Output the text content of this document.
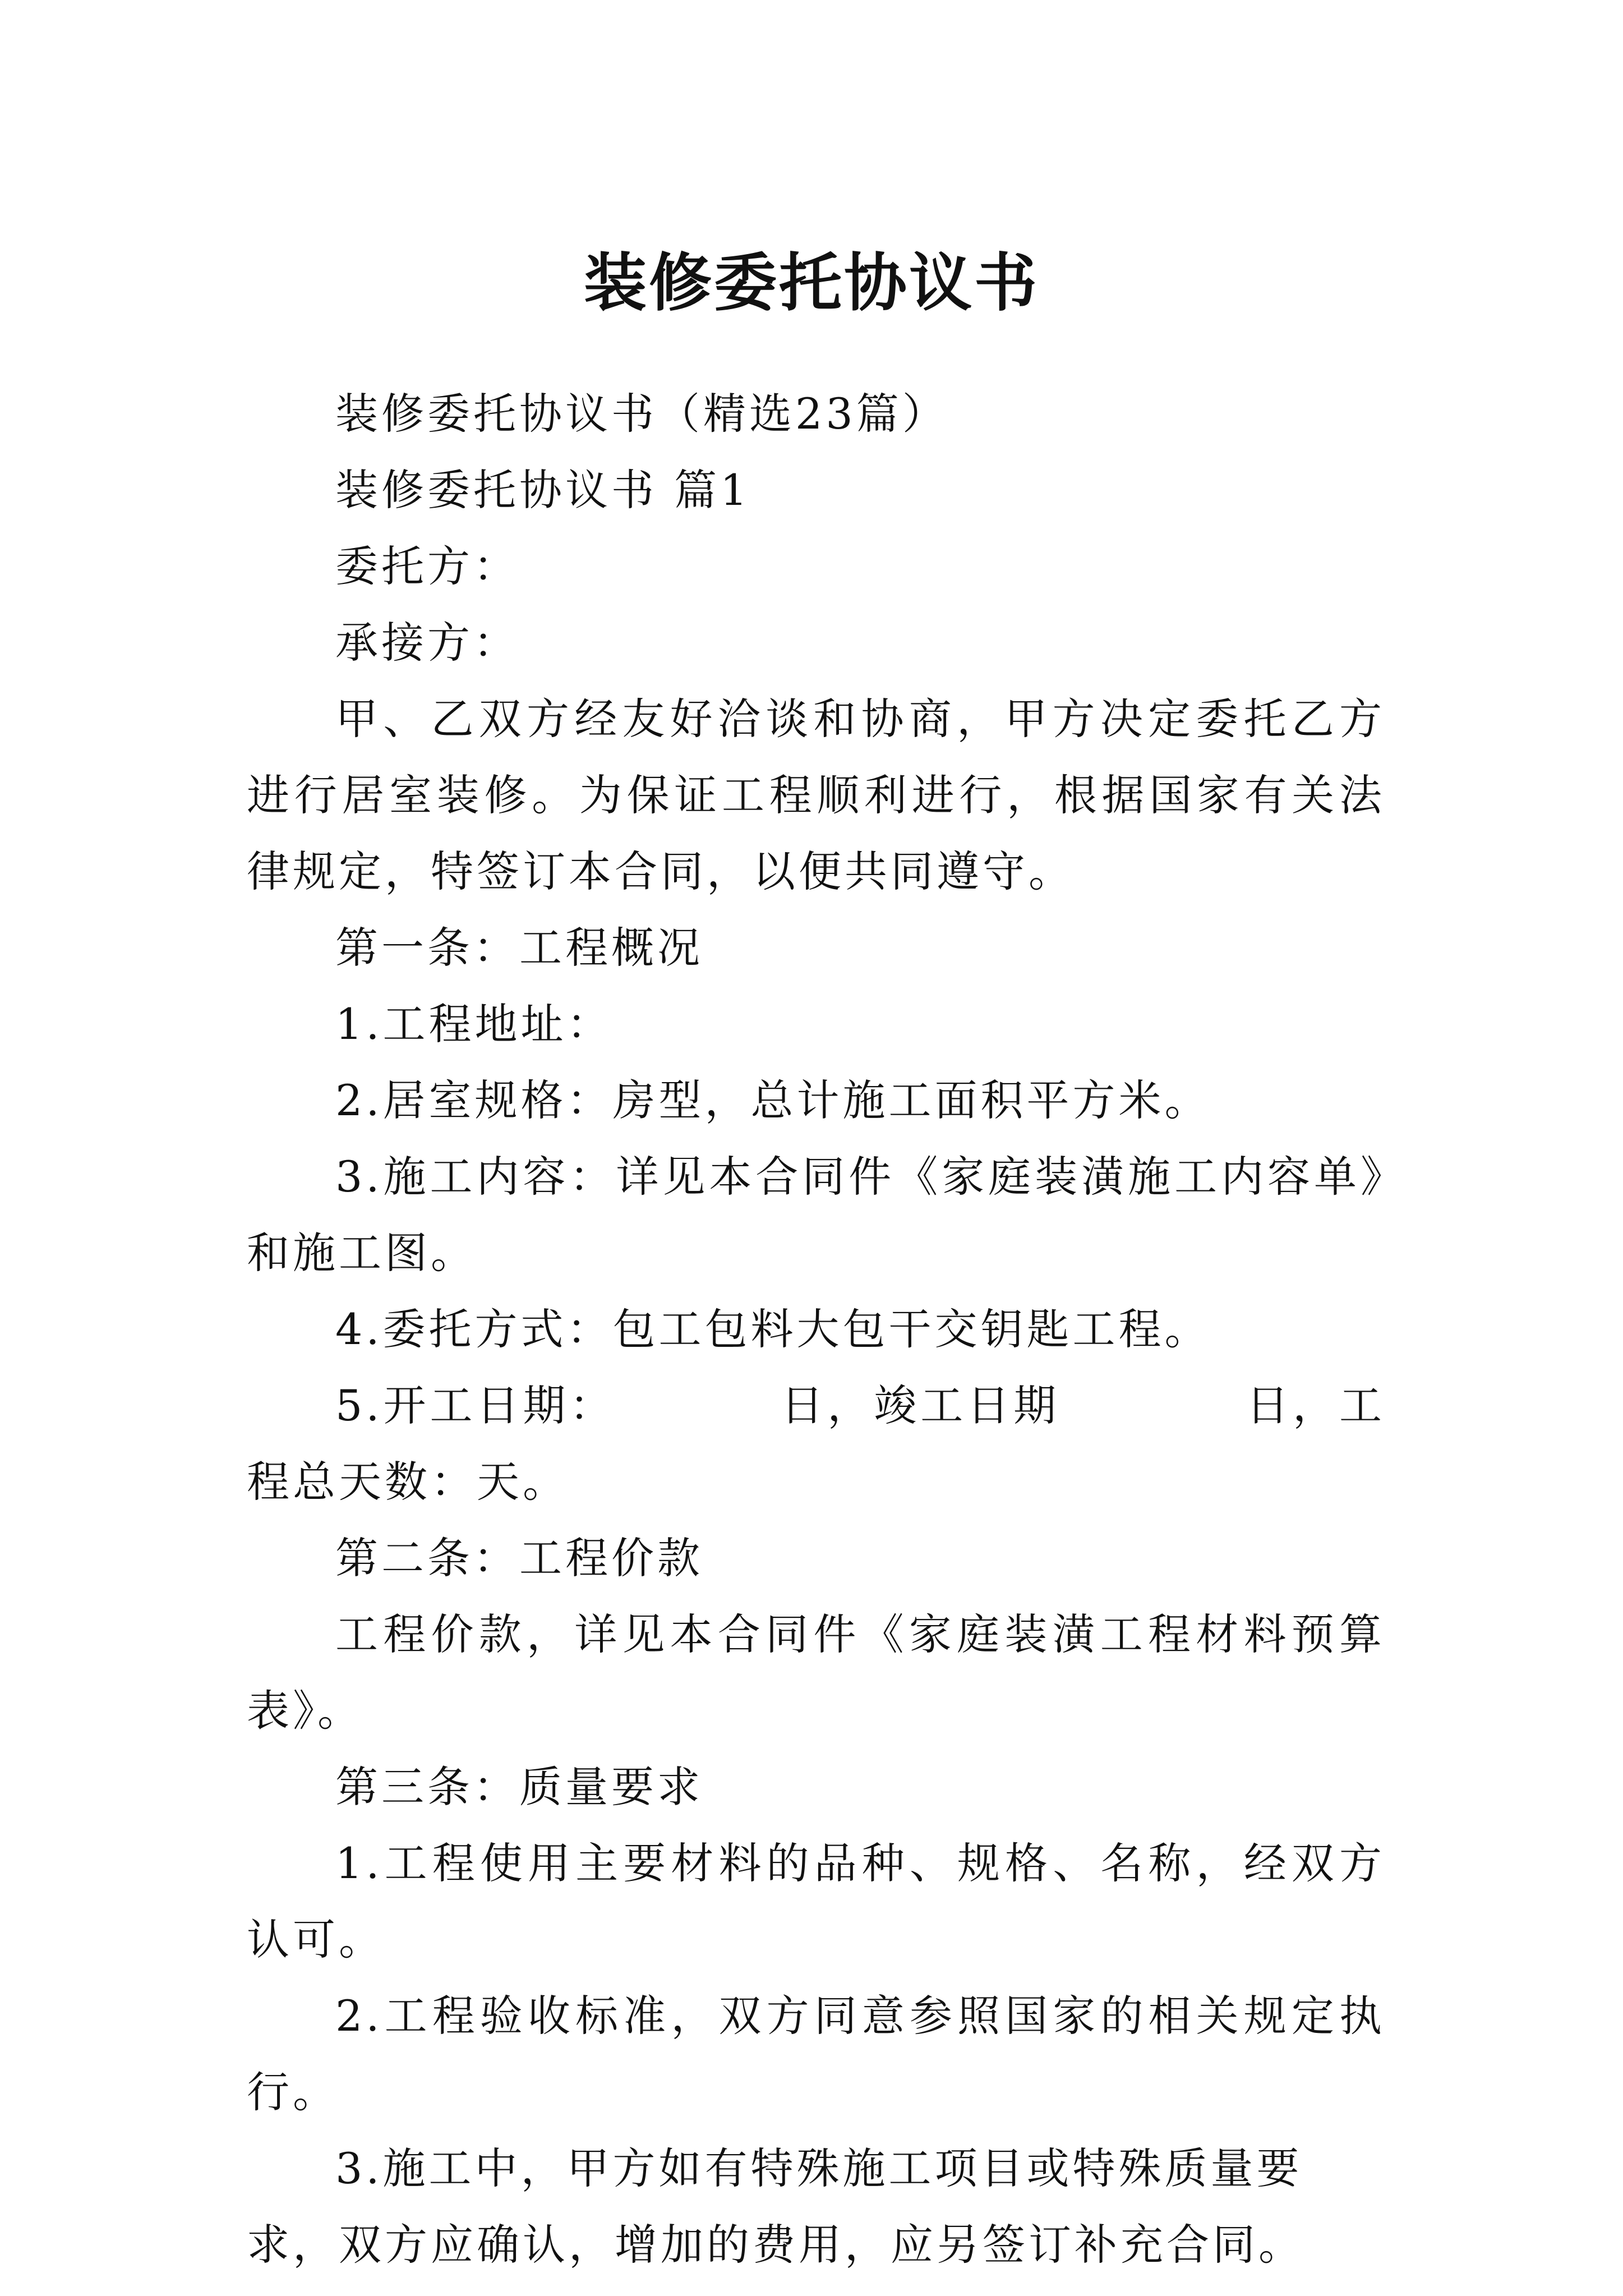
装修委托协议书

装修委托协议书（精选23篇）

装修委托协议书 篇1

委托方：

承接方：

甲、乙双方经友好洽谈和协商，甲方决定委托乙方进行居室装修。为保证工程顺利进行，根据国家有关法律规定，特签订本合同，以便共同遵守。

第一条：工程概况

1.工程地址：

2.居室规格：房型，总计施工面积平方米。

3.施工内容：详见本合同件《家庭装潢施工内容单》和施工图。

4.委托方式：包工包料大包干交钥匙工程。

5.开工日期：　　　　日，竣工日期　　　　日，工程总天数：天。

第二条：工程价款

工程价款，详见本合同件《家庭装潢工程材料预算表》。

第三条：质量要求

1.工程使用主要材料的品种、规格、名称，经双方认可。

2.工程验收标准，双方同意参照国家的相关规定执行。

3.施工中，甲方如有特殊施工项目或特殊质量要求，双方应确认，增加的费用，应另签订补充合同。
